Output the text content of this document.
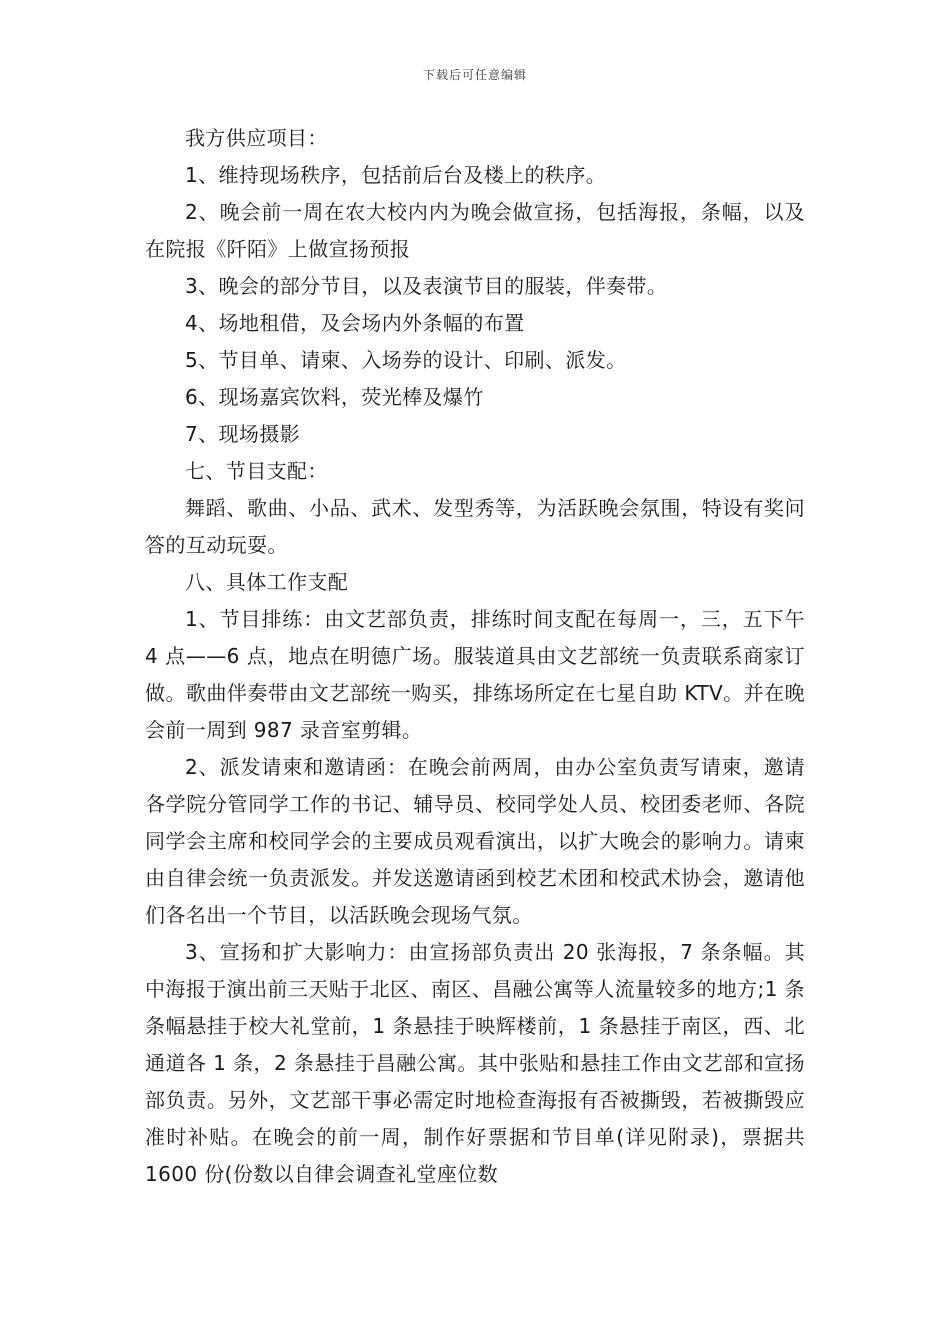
下载后可任意编辑

我方供应项目：

1、维持现场秩序，包括前后台及楼上的秩序。

2、晚会前一周在农大校内内为晚会做宣扬，包括海报，条幅，以及在院报《阡陌》上做宣扬预报

3、晚会的部分节目，以及表演节目的服装，伴奏带。

4、场地租借，及会场内外条幅的布置

5、节目单、请柬、入场券的设计、印刷、派发。

6、现场嘉宾饮料，荧光棒及爆竹

7、现场摄影

七、节目支配：

舞蹈、歌曲、小品、武术、发型秀等，为活跃晚会氛围，特设有奖问答的互动玩耍。

八、具体工作支配

1、节目排练：由文艺部负责，排练时间支配在每周一，三，五下午 4 点——6 点，地点在明德广场。服装道具由文艺部统一负责联系商家订做。歌曲伴奏带由文艺部统一购买，排练场所定在七星自助 KTV。并在晚会前一周到 987 录音室剪辑。

2、派发请柬和邀请函：在晚会前两周，由办公室负责写请柬，邀请各学院分管同学工作的书记、辅导员、校同学处人员、校团委老师、各院同学会主席和校同学会的主要成员观看演出，以扩大晚会的影响力。请柬由自律会统一负责派发。并发送邀请函到校艺术团和校武术协会，邀请他们各名出一个节目，以活跃晚会现场气氛。

3、宣扬和扩大影响力：由宣扬部负责出 20 张海报，7 条条幅。其中海报于演出前三天贴于北区、南区、昌融公寓等人流量较多的地方;1 条条幅悬挂于校大礼堂前，1 条悬挂于映辉楼前，1 条悬挂于南区，西、北通道各 1 条，2 条悬挂于昌融公寓。其中张贴和悬挂工作由文艺部和宣扬部负责。另外，文艺部干事必需定时地检查海报有否被撕毁，若被撕毁应准时补贴。在晚会的前一周，制作好票据和节目单(详见附录)，票据共 1600 份(份数以自律会调查礼堂座位数
